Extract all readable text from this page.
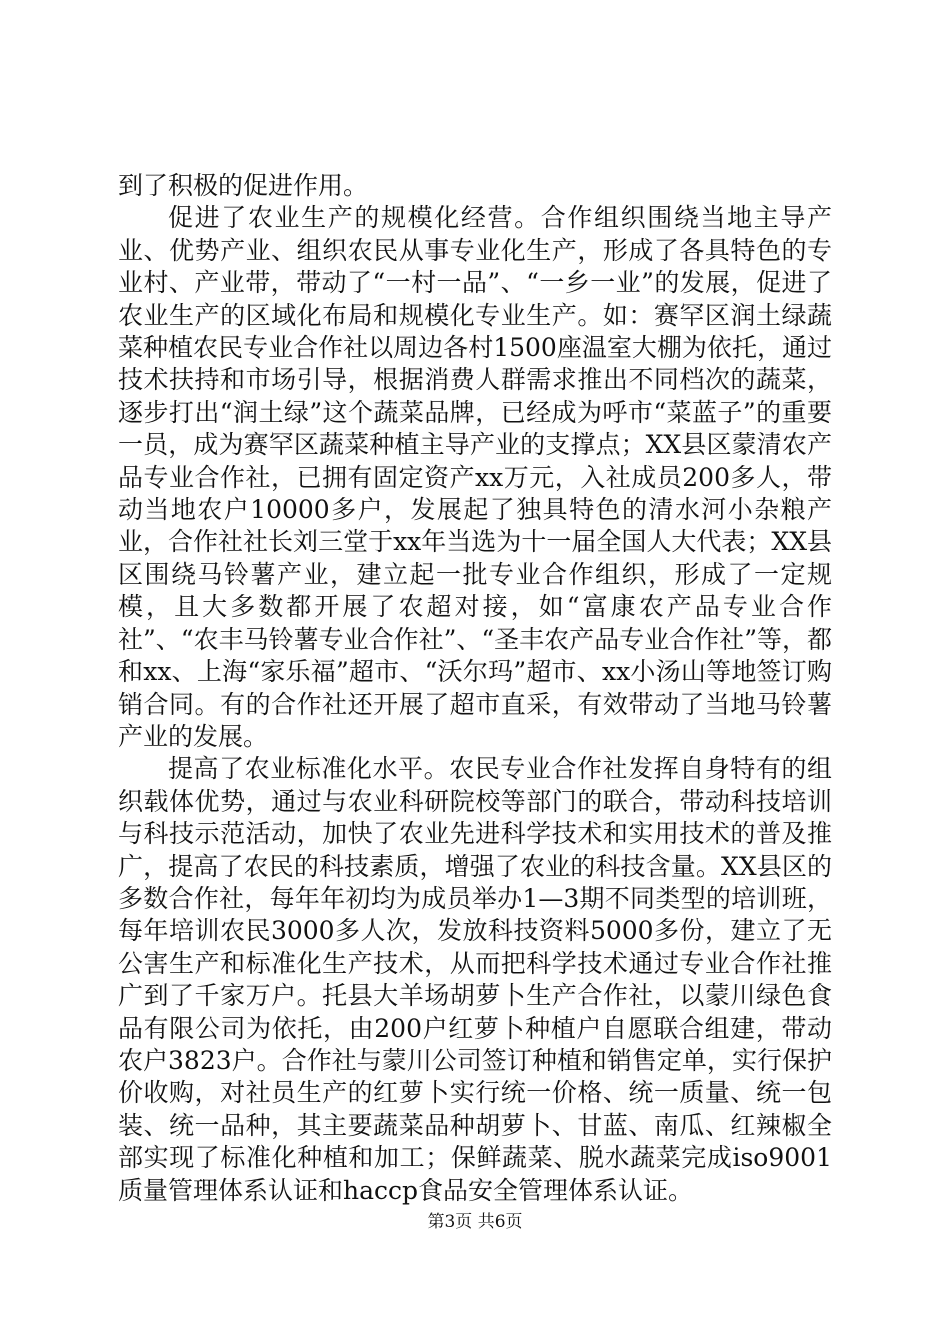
到了积极的促进作用。

促进了农业生产的规模化经营。合作组织围绕当地主导产业、优势产业、组织农民从事专业化生产，形成了各具特色的专业村、产业带，带动了“一村一品”、“一乡一业”的发展，促进了农业生产的区域化布局和规模化专业生产。如：赛罕区润土绿蔬菜种植农民专业合作社以周边各村1500座温室大棚为依托，通过技术扶持和市场引导，根据消费人群需求推出不同档次的蔬菜，逐步打出“润土绿”这个蔬菜品牌，已经成为呼市“菜蓝子”的重要一员，成为赛罕区蔬菜种植主导产业的支撑点；XX县区蒙清农产品专业合作社，已拥有固定资产xx万元，入社成员200多人，带动当地农户10000多户，发展起了独具特色的清水河小杂粮产业，合作社社长刘三堂于xx年当选为十一届全国人大代表；XX县区围绕马铃薯产业，建立起一批专业合作组织，形成了一定规模，且大多数都开展了农超对接，如“富康农产品专业合作社”、“农丰马铃薯专业合作社”、“圣丰农产品专业合作社”等，都和xx、上海“家乐福”超市、“沃尔玛”超市、xx小汤山等地签订购销合同。有的合作社还开展了超市直采，有效带动了当地马铃薯产业的发展。

提高了农业标准化水平。农民专业合作社发挥自身特有的组织载体优势，通过与农业科研院校等部门的联合，带动科技培训与科技示范活动，加快了农业先进科学技术和实用技术的普及推广，提高了农民的科技素质，增强了农业的科技含量。XX县区的多数合作社，每年年初均为成员举办1—3期不同类型的培训班，每年培训农民3000多人次，发放科技资料5000多份，建立了无公害生产和标准化生产技术，从而把科学技术通过专业合作社推广到了千家万户。托县大羊场胡萝卜生产合作社，以蒙川绿色食品有限公司为依托，由200户红萝卜种植户自愿联合组建，带动农户3823户。合作社与蒙川公司签订种植和销售定单，实行保护价收购，对社员生产的红萝卜实行统一价格、统一质量、统一包装、统一品种，其主要蔬菜品种胡萝卜、甘蓝、南瓜、红辣椒全部实现了标准化种植和加工；保鲜蔬菜、脱水蔬菜完成iso9001质量管理体系认证和haccp食品安全管理体系认证。

第3页 共6页
